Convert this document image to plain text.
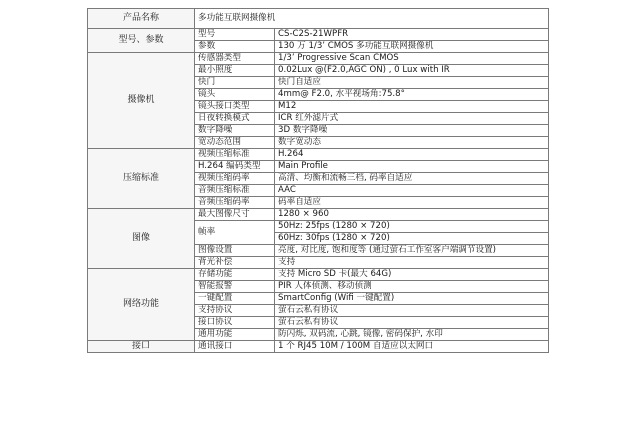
产品名称	多功能互联网摄像机	
型号、参数	型号	CS-C2S-21WPFR
	参数	130 万 1/3’ CMOS 多功能互联网摄像机
摄像机	传感器类型	1/3’ Progressive Scan CMOS
	最小照度	0.02Lux @(F2.0,AGC ON) , 0 Lux with IR
	快门	快门自适应
	镜头	4mm@ F2.0, 水平视场角:75.8°
	镜头接口类型	M12
	日夜转换模式	ICR 红外滤片式
	数字降噪	3D 数字降噪
	宽动态范围	数字宽动态
压缩标准	视频压缩标准	H.264
	H.264 编码类型	Main Profile
	视频压缩码率	高清、均衡和流畅三档, 码率自适应
	音频压缩标准	AAC
	音频压缩码率	码率自适应
图像	最大图像尺寸	1280 × 960
	帧率	50Hz: 25fps (1280 × 720)
		60Hz: 30fps (1280 × 720)
	图像设置	亮度, 对比度, 饱和度等 (通过萤石工作室客户端调节设置)
	背光补偿	支持
网络功能	存储功能	支持 Micro SD 卡(最大 64G)
	智能报警	PIR 人体侦测、移动侦测
	一键配置	SmartConfig (Wifi 一键配置)
	支持协议	萤石云私有协议
	接口协议	萤石云私有协议
	通用功能	防闪烁, 双码流, 心跳, 镜像, 密码保护, 水印
接口	通讯接口	1 个 RJ45 10M / 100M 自适应以太网口
